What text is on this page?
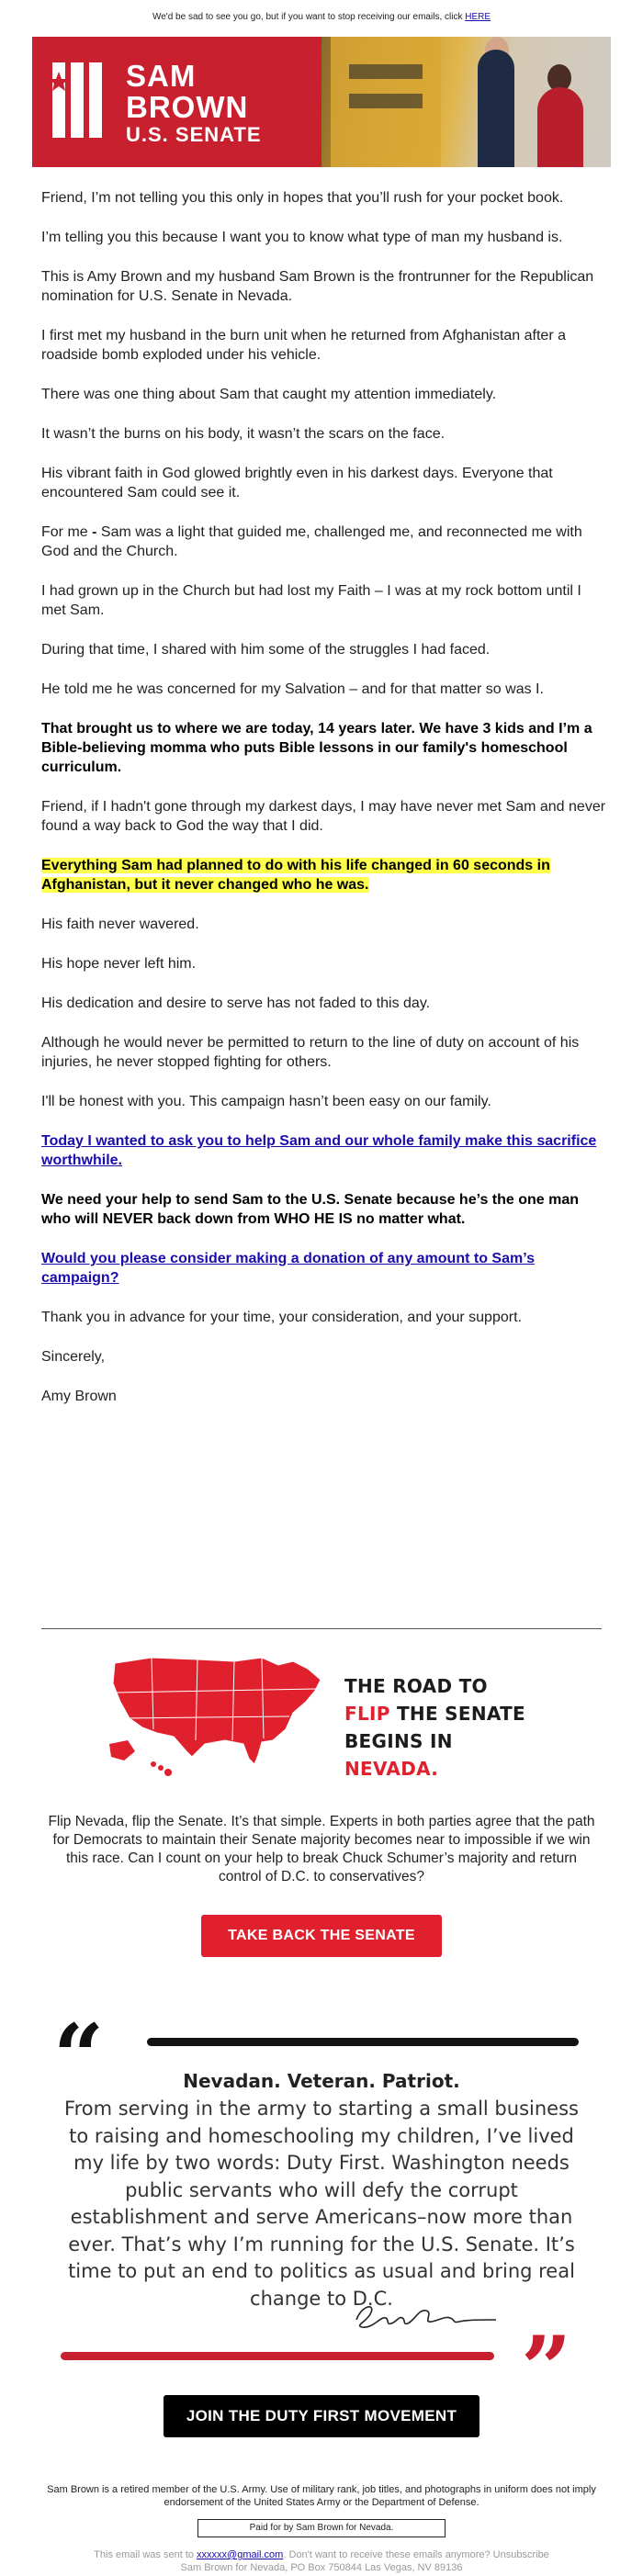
We'd be sad to see you go, but if you want to stop receiving our emails, click HERE
SAM
BROWN
U.S. SENATE

Friend, I’m not telling you this only in hopes that you’ll rush for your pocket book.

I’m telling you this because I want you to know what type of man my husband is.

This is Amy Brown and my husband Sam Brown is the frontrunner for the Republican nomination for U.S. Senate in Nevada.

I first met my husband in the burn unit when he returned from Afghanistan after a roadside bomb exploded under his vehicle.

There was one thing about Sam that caught my attention immediately.

It wasn’t the burns on his body, it wasn’t the scars on the face.

His vibrant faith in God glowed brightly even in his darkest days. Everyone that encountered Sam could see it.

For me - Sam was a light that guided me, challenged me, and reconnected me with God and the Church.

I had grown up in the Church but had lost my Faith – I was at my rock bottom until I met Sam.

During that time, I shared with him some of the struggles I had faced.

He told me he was concerned for my Salvation – and for that matter so was I.

That brought us to where we are today, 14 years later. We have 3 kids and I’m a Bible-believing momma who puts Bible lessons in our family's homeschool curriculum.

Friend, if I hadn't gone through my darkest days, I may have never met Sam and never found a way back to God the way that I did.

Everything Sam had planned to do with his life changed in 60 seconds in Afghanistan, but it never changed who he was.

His faith never wavered.

His hope never left him.

His dedication and desire to serve has not faded to this day.

Although he would never be permitted to return to the line of duty on account of his injuries, he never stopped fighting for others.

I'll be honest with you. This campaign hasn’t been easy on our family.

Today I wanted to ask you to help Sam and our whole family make this sacrifice worthwhile.

We need your help to send Sam to the U.S. Senate because he’s the one man who will NEVER back down from WHO HE IS no matter what.

Would you please consider making a donation of any amount to Sam’s campaign?

Thank you in advance for your time, your consideration, and your support.

Sincerely,

Amy Brown

THE ROAD TO
FLIP THE SENATE
BEGINS IN NEVADA.
Flip Nevada, flip the Senate. It’s that simple. Experts in both parties agree that the path for Democrats to maintain their Senate majority becomes near to impossible if we win this race. Can I count on your help to break Chuck Schumer’s majority and return control of D.C. to conservatives?
TAKE BACK THE SENATE
“	Nevadan. Veteran. Patriot.
From serving in the army to starting a small business to raising and homeschooling my children, I’ve lived my life by two words: Duty First. Washington needs public servants who will defy the corrupt establishment and serve Americans–now more than ever. That’s why I’m running for the U.S. Senate. It’s time to put an end to politics as usual and bring real change to D.C.
”
JOIN THE DUTY FIRST MOVEMENT
Sam Brown is a retired member of the U.S. Army. Use of military rank, job titles, and photographs in uniform does not imply endorsement of the United States Army or the Department of Defense.
Paid for by Sam Brown for Nevada.
This email was sent to xxxxxx@gmail.com. Don't want to receive these emails anymore? Unsubscribe
Sam Brown for Nevada, PO Box 750844 Las Vegas, NV 89136
